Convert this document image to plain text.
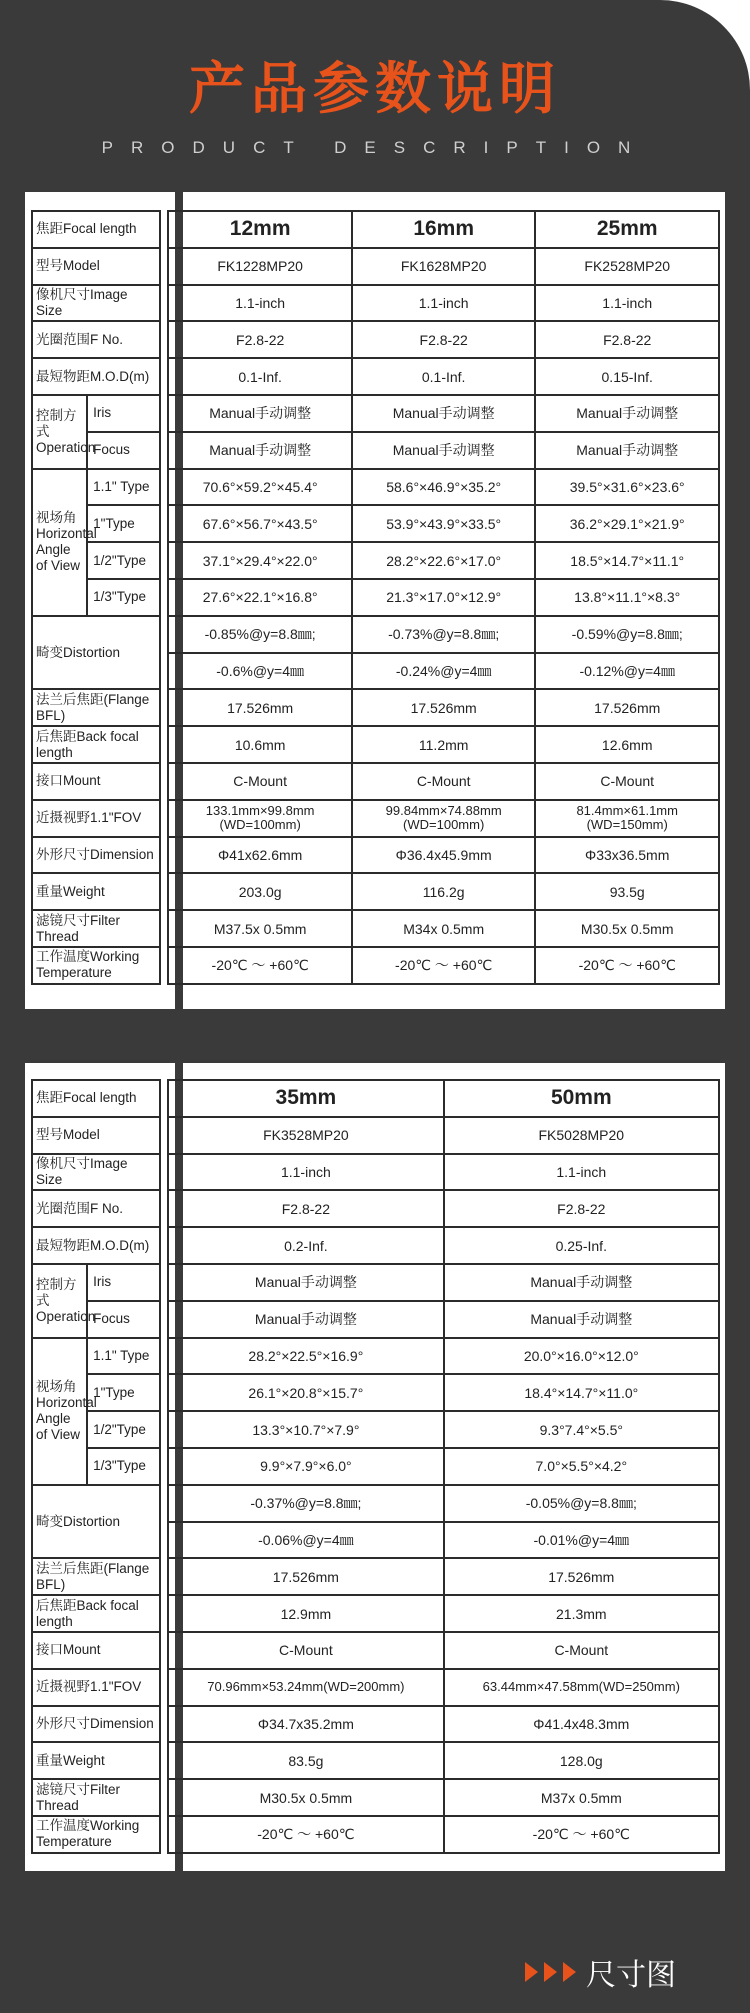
产品参数说明
PRODUCT DESCRIPTION
焦距Focal length			12mm	16mm	25mm
型号Model			FK1228MP20	FK1628MP20	FK2528MP20
像机尺寸Image Size			1.1-inch	1.1-inch	1.1-inch
光圈范围F No.			F2.8-22	F2.8-22	F2.8-22
最短物距M.O.D(m)			0.1-Inf.	0.1-Inf.	0.15-Inf.
控制方式Operation	Iris		Manual手动调整	Manual手动调整	Manual手动调整
	Focus		Manual手动调整	Manual手动调整	Manual手动调整
视场角Horizontal Angle of View	1.1" Type		70.6°×59.2°×45.4°	58.6°×46.9°×35.2°	39.5°×31.6°×23.6°
	1"Type		67.6°×56.7°×43.5°	53.9°×43.9°×33.5°	36.2°×29.1°×21.9°
	1/2"Type		37.1°×29.4°×22.0°	28.2°×22.6°×17.0°	18.5°×14.7°×11.1°
	1/3"Type		27.6°×22.1°×16.8°	21.3°×17.0°×12.9°	13.8°×11.1°×8.3°
畸变Distortion			-0.85%@y=8.8㎜;	-0.73%@y=8.8㎜;	-0.59%@y=8.8㎜;
			-0.6%@y=4㎜	-0.24%@y=4㎜	-0.12%@y=4㎜
法兰后焦距(Flange BFL)			17.526mm	17.526mm	17.526mm
后焦距Back focal length			10.6mm	11.2mm	12.6mm
接口Mount			C-Mount	C-Mount	C-Mount
近摄视野1.1"FOV			133.1mm×99.8mm (WD=100mm)	99.84mm×74.88mm (WD=100mm)	81.4mm×61.1mm (WD=150mm)
外形尺寸Dimension			Φ41x62.6mm	Φ36.4x45.9mm	Φ33x36.5mm
重量Weight			203.0g	116.2g	93.5g
滤镜尺寸Filter Thread			M37.5x 0.5mm	M34x 0.5mm	M30.5x 0.5mm
工作温度Working Temperature			-20℃ ～ +60℃	-20℃ ～ +60℃	-20℃ ～ +60℃
焦距Focal length			35mm	50mm
型号Model			FK3528MP20	FK5028MP20
像机尺寸Image Size			1.1-inch	1.1-inch
光圈范围F No.			F2.8-22	F2.8-22
最短物距M.O.D(m)			0.2-Inf.	0.25-Inf.
控制方式Operation	Iris		Manual手动调整	Manual手动调整
	Focus		Manual手动调整	Manual手动调整
视场角Horizontal Angle of View	1.1" Type		28.2°×22.5°×16.9°	20.0°×16.0°×12.0°
	1"Type		26.1°×20.8°×15.7°	18.4°×14.7°×11.0°
	1/2"Type		13.3°×10.7°×7.9°	9.3°7.4°×5.5°
	1/3"Type		9.9°×7.9°×6.0°	7.0°×5.5°×4.2°
畸变Distortion			-0.37%@y=8.8㎜;	-0.05%@y=8.8㎜;
			-0.06%@y=4㎜	-0.01%@y=4㎜
法兰后焦距(Flange BFL)			17.526mm	17.526mm
后焦距Back focal length			12.9mm	21.3mm
接口Mount			C-Mount	C-Mount
近摄视野1.1"FOV			70.96mm×53.24mm(WD=200mm)	63.44mm×47.58mm(WD=250mm)
外形尺寸Dimension			Φ34.7x35.2mm	Φ41.4x48.3mm
重量Weight			83.5g	128.0g
滤镜尺寸Filter Thread			M30.5x 0.5mm	M37x 0.5mm
工作温度Working Temperature			-20℃ ～ +60℃	-20℃ ～ +60℃
尺寸图
